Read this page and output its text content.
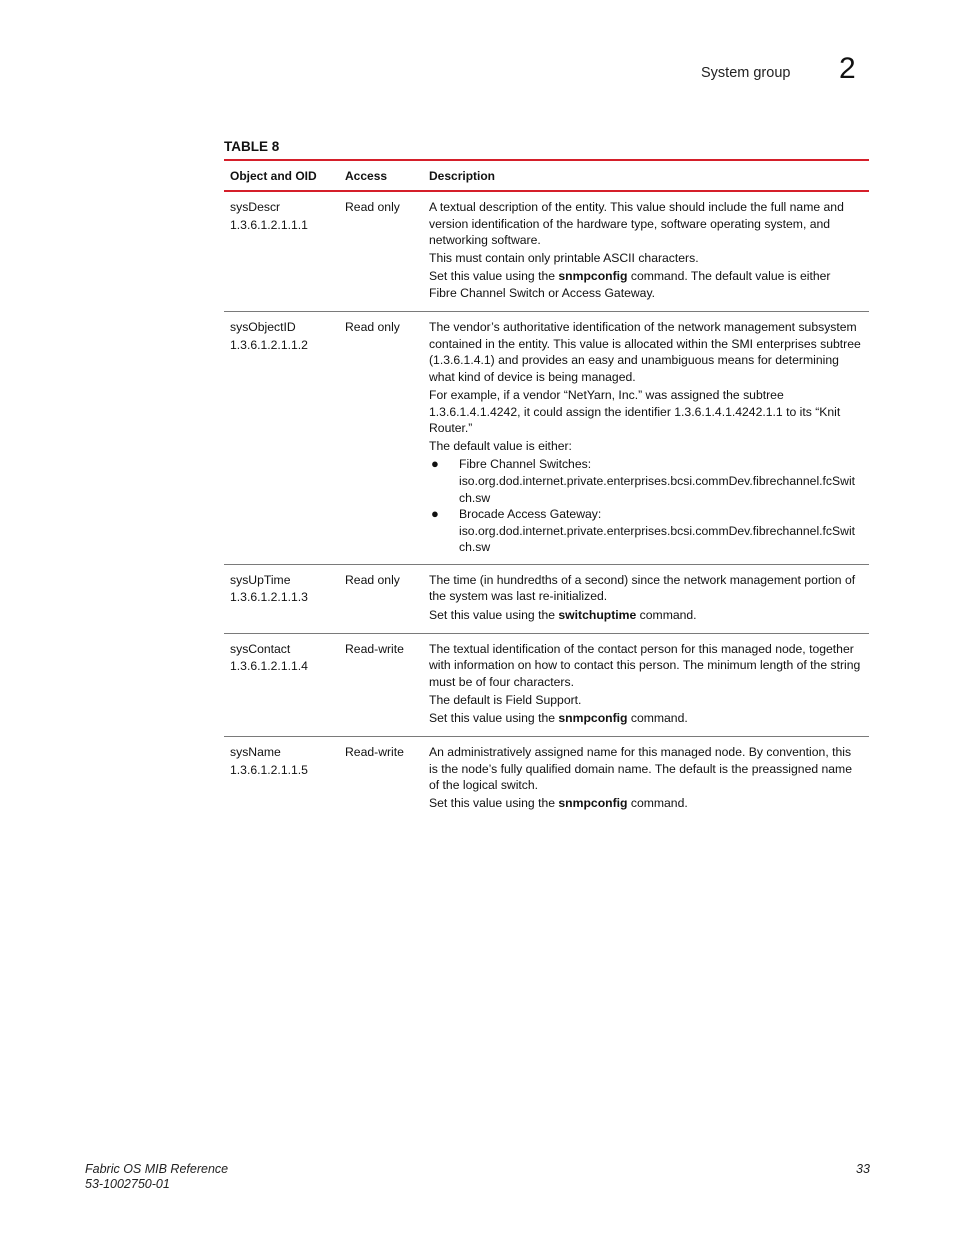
System group 2
TABLE 8
Object and OID	Access	Description
sysDescr
1.3.6.1.2.1.1.1
Read only	A textual description of the entity. This value should include the full name and version identification of the hardware type, software operating system, and networking software.

This must contain only printable ASCII characters.

Set this value using the snmpconfig command. The default value is either Fibre Channel Switch or Access Gateway.

sysObjectID
1.3.6.1.2.1.1.2
Read only	The vendor’s authoritative identification of the network management subsystem contained in the entity. This value is allocated within the SMI enterprises subtree (1.3.6.1.4.1) and provides an easy and unambiguous means for determining what kind of device is being managed.

For example, if a vendor “NetYarn, Inc.” was assigned the subtree 1.3.6.1.4.1.4242, it could assign the identifier 1.3.6.1.4.1.4242.1.1 to its “Knit Router.”

The default value is either:

●	Fibre Channel Switches:
iso.org.dod.internet.private.enterprises.bcsi.commDev.fibrechannel.fcSwitch.sw
●	Brocade Access Gateway:
iso.org.dod.internet.private.enterprises.bcsi.commDev.fibrechannel.fcSwitch.sw
sysUpTime
1.3.6.1.2.1.1.3
Read only	The time (in hundredths of a second) since the network management portion of the system was last re-initialized.

Set this value using the switchuptime command.

sysContact
1.3.6.1.2.1.1.4
Read-write	The textual identification of the contact person for this managed node, together with information on how to contact this person. The minimum length of the string must be of four characters.

The default is Field Support.

Set this value using the snmpconfig command.

sysName
1.3.6.1.2.1.1.5
Read-write	An administratively assigned name for this managed node. By convention, this is the node’s fully qualified domain name. The default is the preassigned name of the logical switch.

Set this value using the snmpconfig command.

Fabric OS MIB Reference
53-1002750-01
33
